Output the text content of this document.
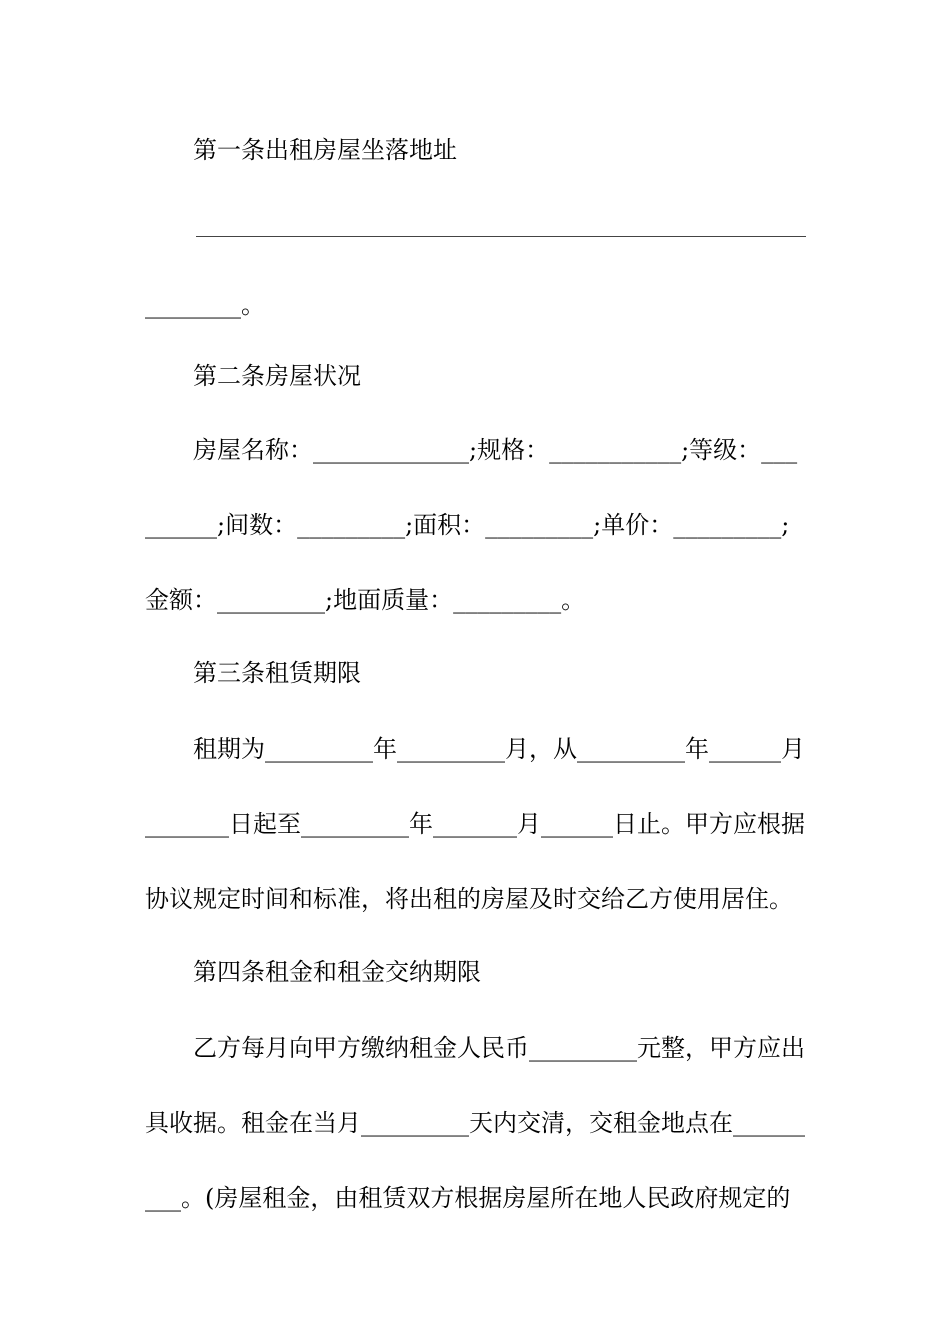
第一条出租房屋坐落地址
________。
第二条房屋状况
房屋名称：_____________;规格：___________;等级：___
______;间数：_________;面积：_________;单价：_________;
金额：_________;地面质量：_________。
第三条租赁期限
租期为_________年_________月，从_________年______月
_______日起至_________年_______月______日止。甲方应根据
协议规定时间和标准，将出租的房屋及时交给乙方使用居住。
第四条租金和租金交纳期限
乙方每月向甲方缴纳租金人民币_________元整，甲方应出
具收据。租金在当月_________天内交清，交租金地点在______
___。(房屋租金，由租赁双方根据房屋所在地人民政府规定的
